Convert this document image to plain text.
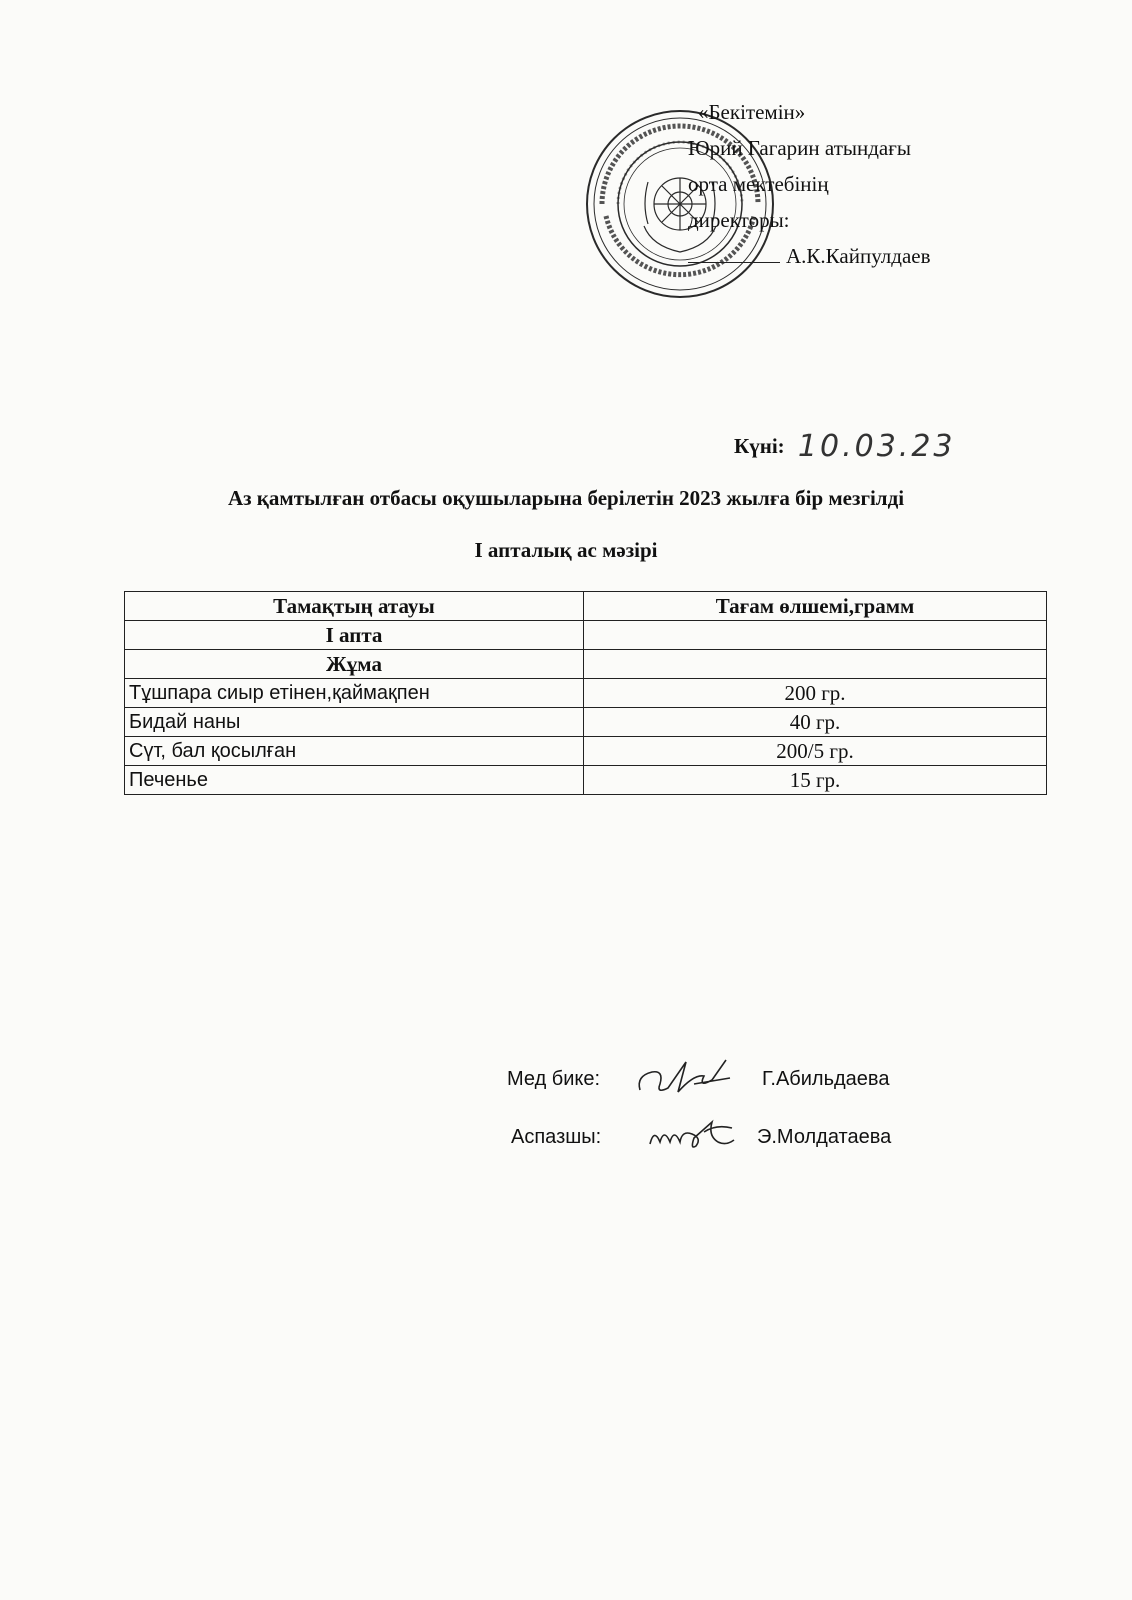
«Бекітемін»
Юрий Гагарин атындағы
орта мектебінің
директоры:
А.К.Кайпулдаев
Күні: 10.03.23
Аз қамтылған отбасы оқушыларына берілетін 2023 жылға бір мезгілді
I апталық ас мәзірі
Тамақтың атауы	Тағам өлшемі,грамм
I апта	
Жұма	
Тұшпара сиыр етінен,қаймақпен	200 гр.
Бидай наны	40 гр.
Сүт, бал қосылған	200/5 гр.
Печенье	15 гр.
Мед бике:	Г.Абильдаева
Аспазшы:	Э.Молдатаева
